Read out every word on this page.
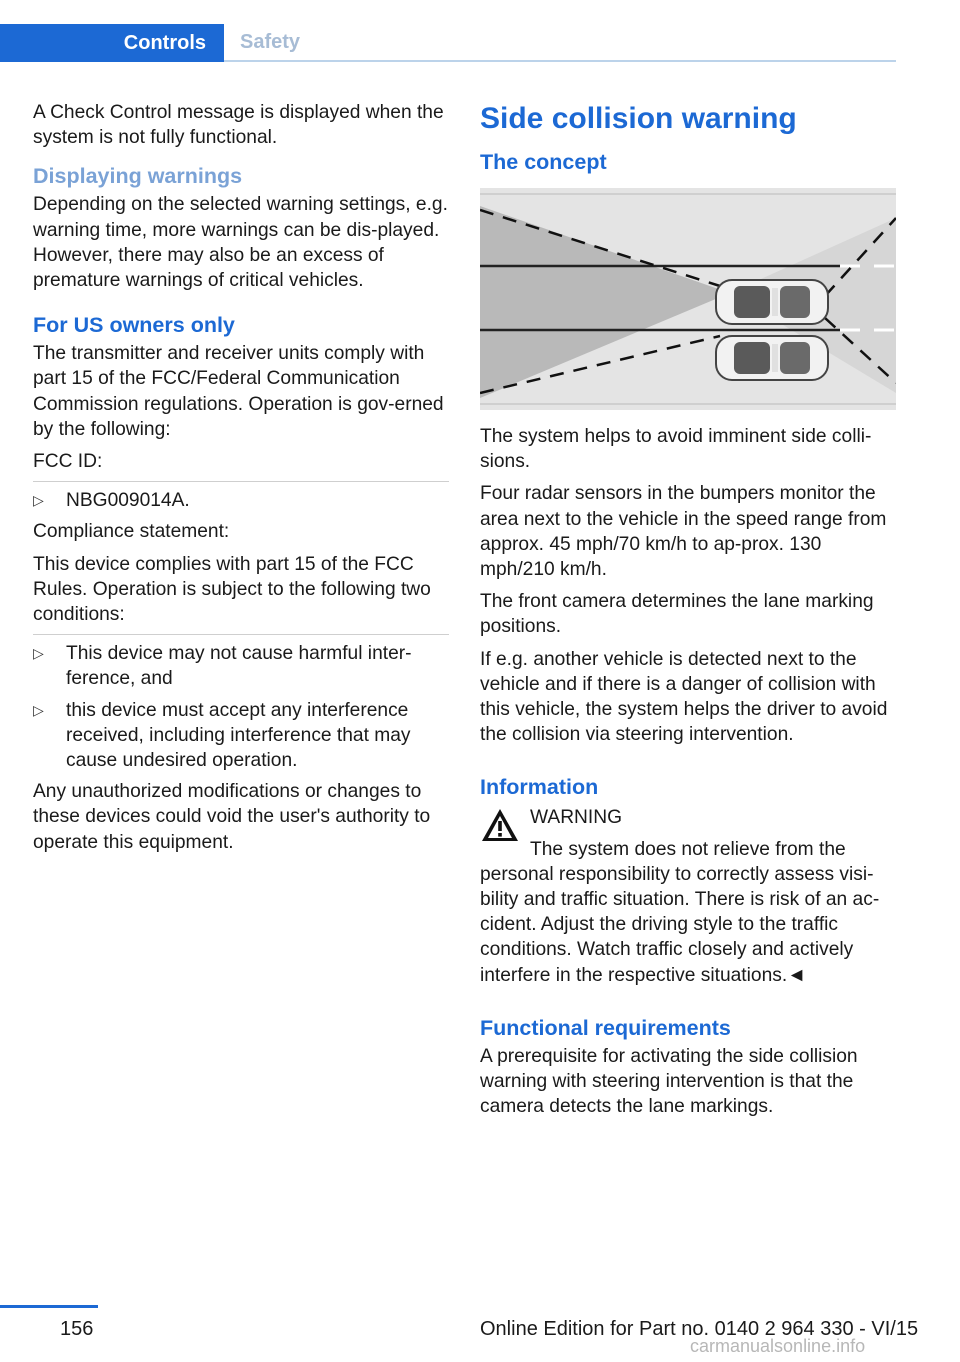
Controls	Safety

A Check Control message is displayed when the system is not fully functional.

Displaying warnings

Depending on the selected warning settings, e.g. warning time, more warnings can be dis-played. However, there may also be an excess of premature warnings of critical vehicles.

For US owners only

The transmitter and receiver units comply with part 15 of the FCC/Federal Communication Commission regulations. Operation is gov-erned by the following:

FCC ID:

▷ NBG009014A.

Compliance statement:

This device complies with part 15 of the FCC Rules. Operation is subject to the following two conditions:

▷ This device may not cause harmful inter-ference, and
▷ this device must accept any interference received, including interference that may cause undesired operation.

Any unauthorized modifications or changes to these devices could void the user's authority to operate this equipment.

Side collision warning
The concept

The system helps to avoid imminent side colli-sions.

Four radar sensors in the bumpers monitor the area next to the vehicle in the speed range from approx. 45 mph/70 km/h to ap-prox. 130 mph/210 km/h.

The front camera determines the lane marking positions.

If e.g. another vehicle is detected next to the vehicle and if there is a danger of collision with this vehicle, the system helps the driver to avoid the collision via steering intervention.

Information
WARNING
The system does not relieve from the

personal responsibility to correctly assess visi-bility and traffic situation. There is risk of an ac-cident. Adjust the driving style to the traffic conditions. Watch traffic closely and actively interfere in the respective situations.◄

Functional requirements

A prerequisite for activating the side collision warning with steering intervention is that the camera detects the lane markings.

156	Online Edition for Part no. 0140 2 964 330 - VI/15
carmanualsonline.info
